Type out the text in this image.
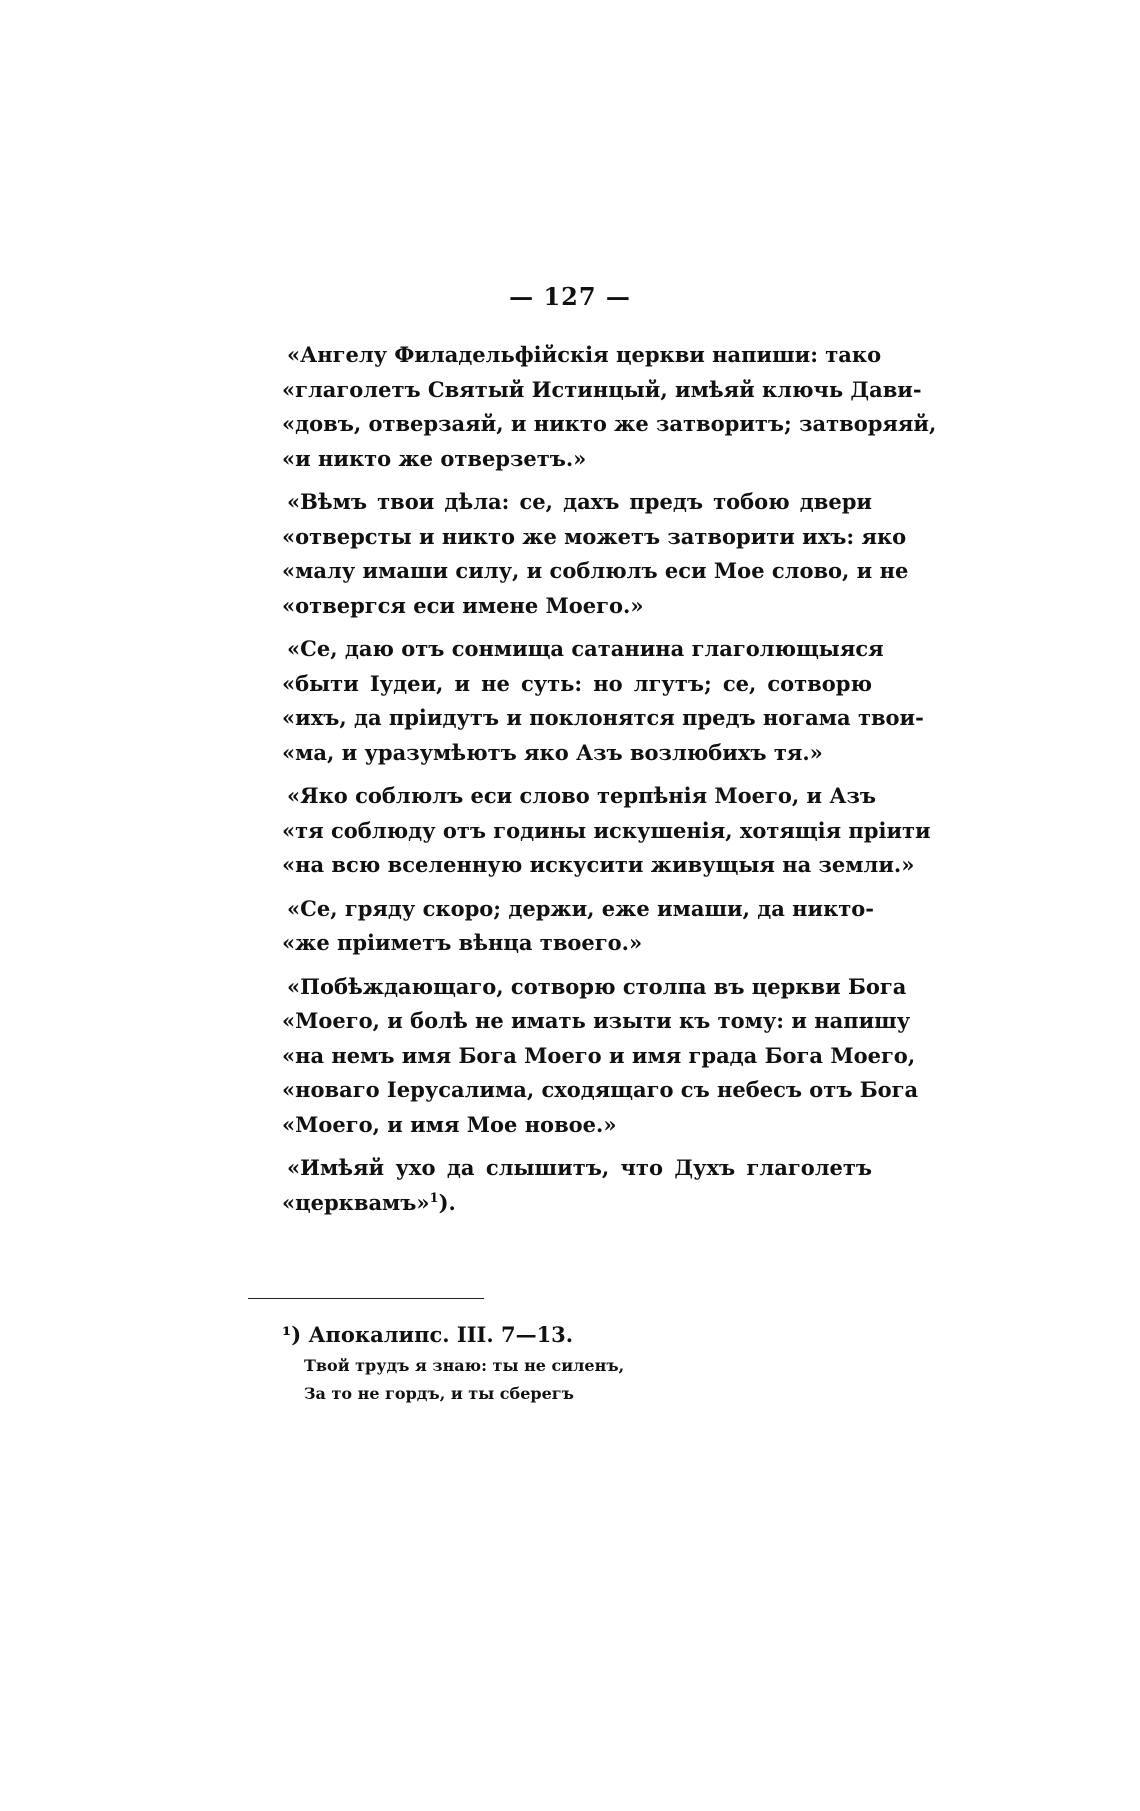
— 127 —
«Ангелу Филадельфійскія церкви напиши: тако
«глаголетъ Святый Истинцый, имѣяй ключь Дави-
«довъ, отверзаяй, и никто же затворитъ; затворяяй,
«и никто же отверзетъ.»
«Вѣмъ твои дѣла: се, дахъ предъ тобою двери
«отверсты и никто же можетъ затворити ихъ: яко
«малу имаши силу, и соблюлъ еси Мое слово, и не
«отвергся еси имене Моего.»
«Се, даю отъ сонмища сатанина глаголющыяся
«быти Іудеи, и не суть: но лгутъ; се, сотворю
«ихъ, да пріидутъ и поклонятся предъ ногама твои-
«ма, и уразумѣютъ яко Азъ возлюбихъ тя.»
«Яко соблюлъ еси слово терпѣнія Моего, и Азъ
«тя соблюду отъ годины искушенія, хотящія пріити
«на всю вселенную искусити живущыя на земли.»
«Се, гряду скоро; держи, еже имаши, да никто-
«же пріиметъ вѣнца твоего.»
«Побѣждающаго, сотворю столпа въ церкви Бога
«Моего, и болѣ не имать изыти къ тому: и напишу
«на немъ имя Бога Моего и имя града Бога Моего,
«новаго Іерусалима, сходящаго съ небесъ отъ Бога
«Моего, и имя Мое новое.»
«Имѣяй ухо да слышитъ, что Духъ глаголетъ
«церквамъ»$^1$).
¹) Апокалипс. III. 7—13.
Твой трудъ я знаю: ты не силенъ,
За то не гордъ, и ты сберегъ
